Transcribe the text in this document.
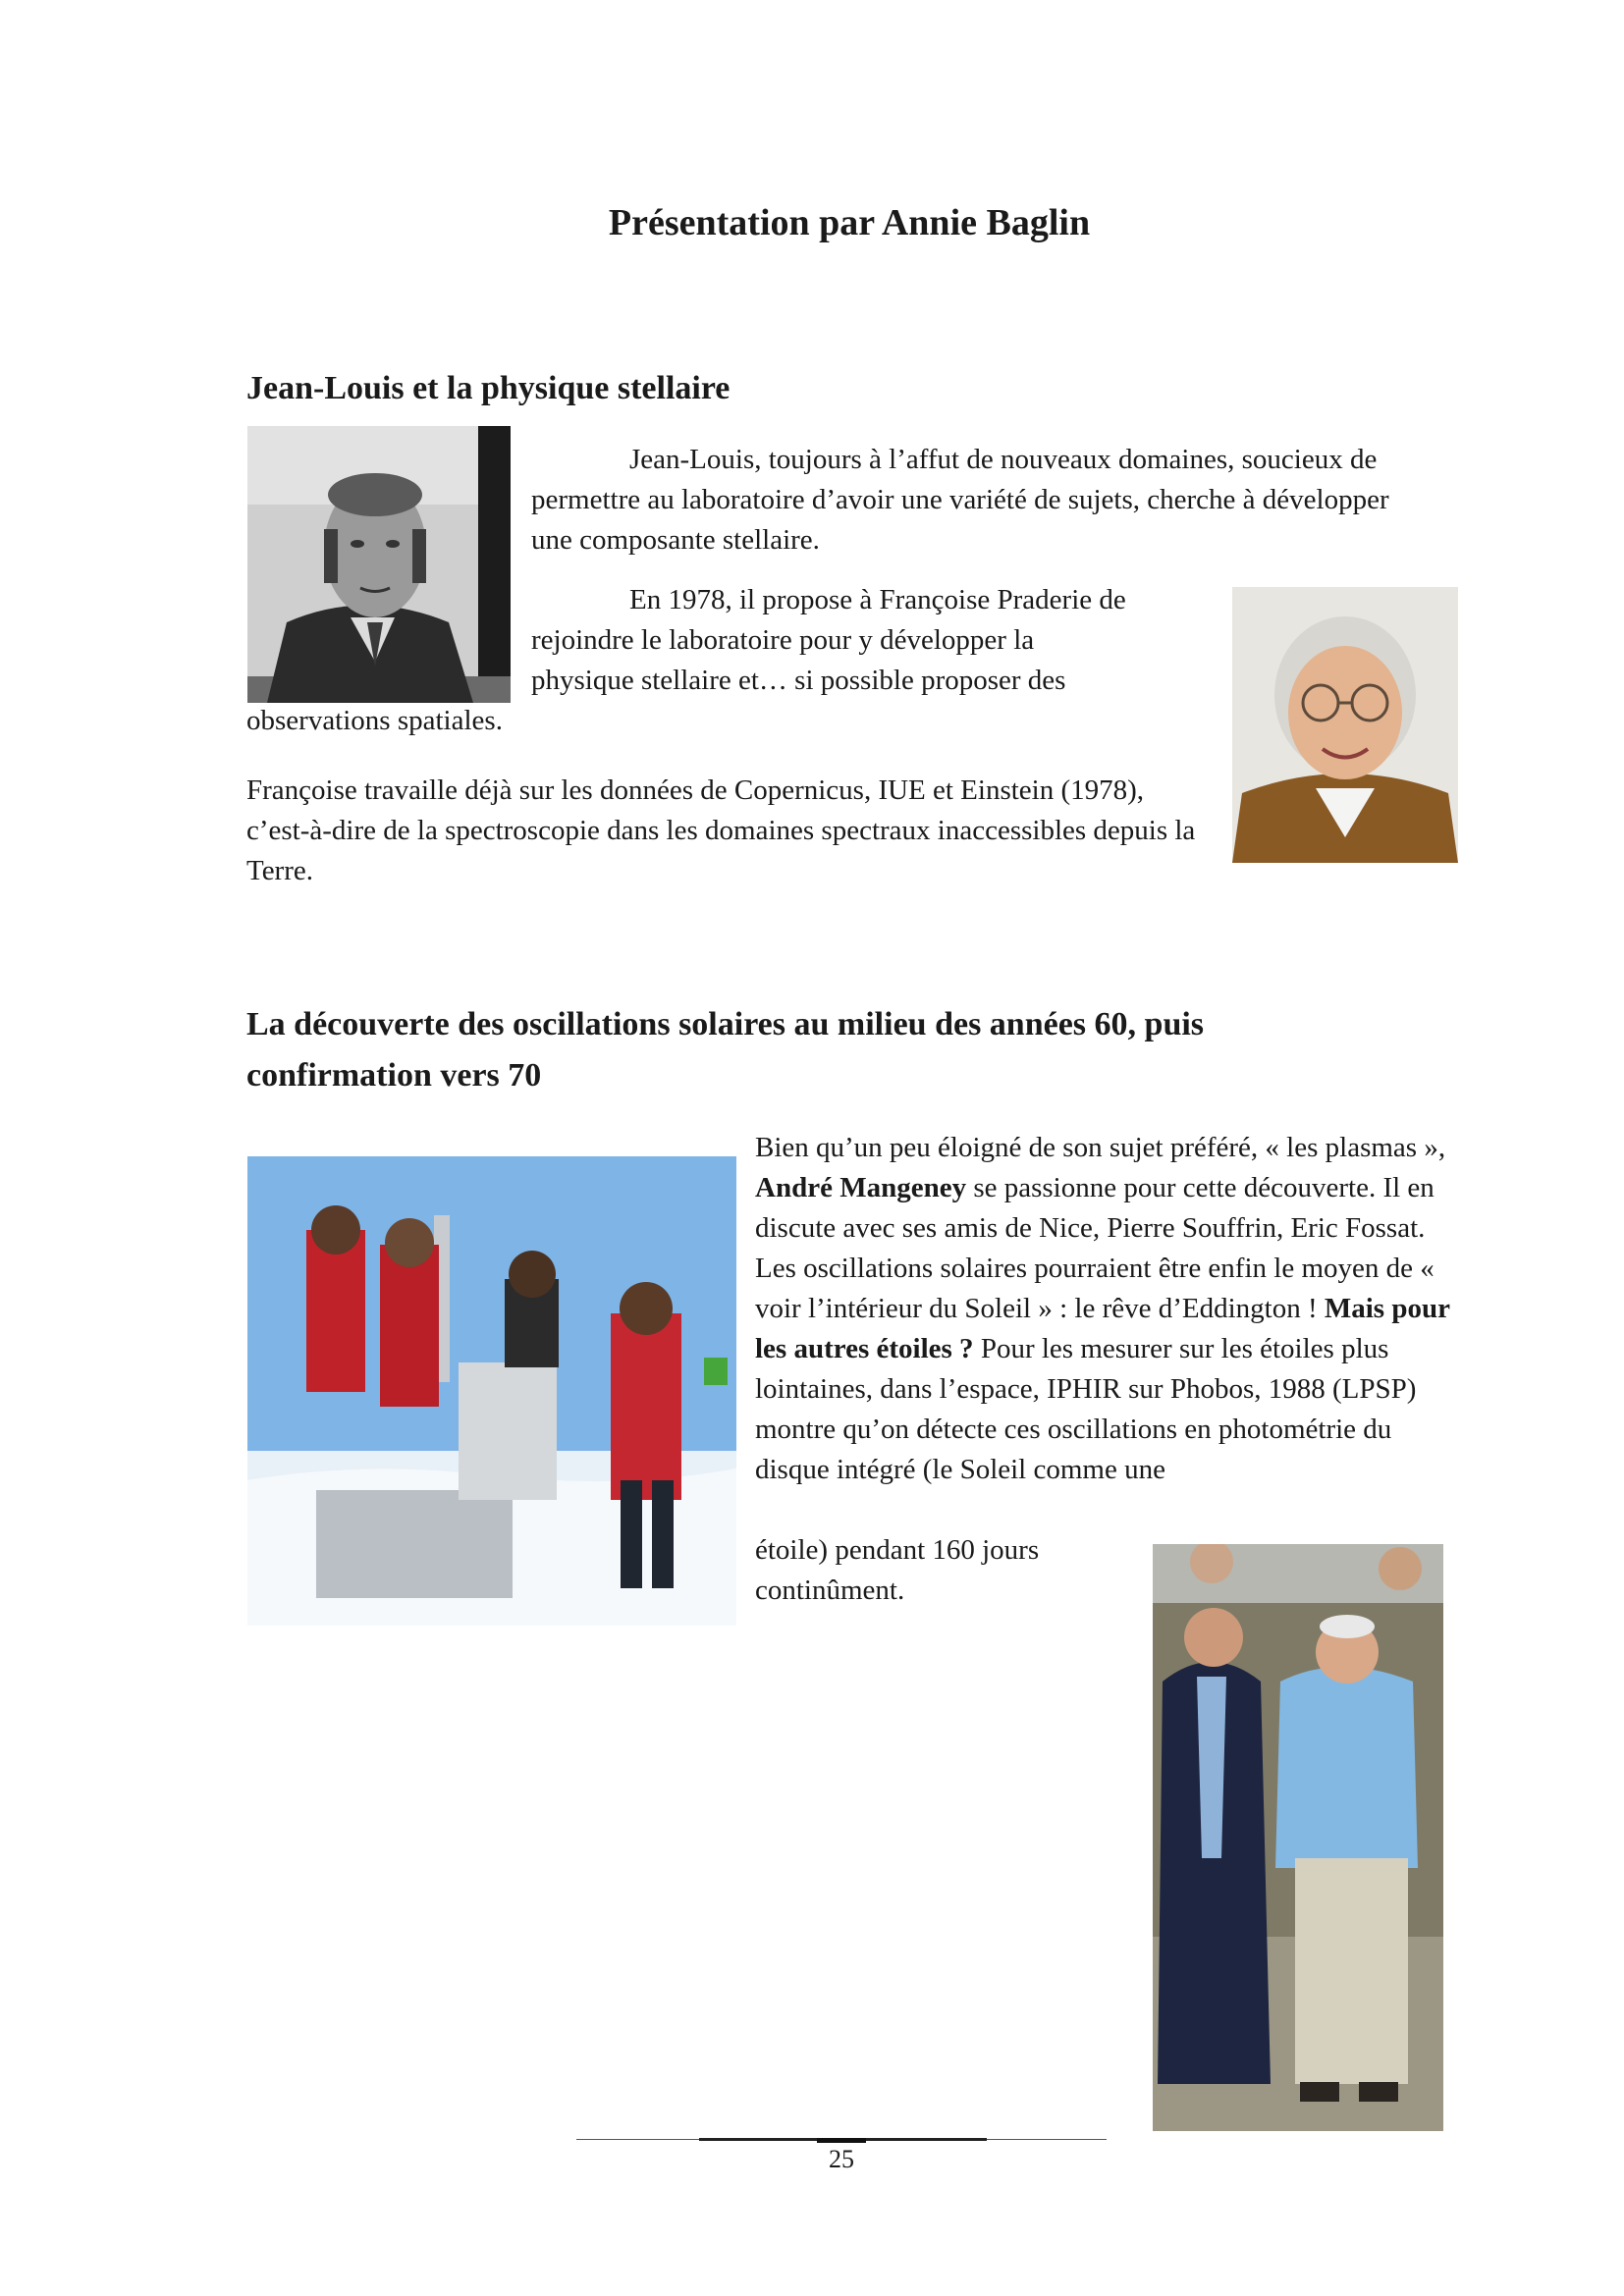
Présentation par Annie Baglin
Jean-Louis et la physique stellaire

Jean-Louis, toujours à l’affut de nouveaux domaines, soucieux de permettre au laboratoire d’avoir une variété de sujets, cherche à développer une composante stellaire.

En 1978, il propose à Françoise Praderie de

rejoindre le laboratoire pour y développer la

physique stellaire et… si possible proposer des

observations spatiales.

Françoise travaille déjà sur les données de Copernicus, IUE et Einstein (1978), c’est-à-dire de la spectroscopie dans les domaines spectraux inaccessibles depuis la Terre.

La découverte des oscillations solaires au milieu des années 60, puis
confirmation vers 70

Bien qu’un peu éloigné de son sujet préféré, « les plasmas », André Mangeney se passionne pour cette découverte. Il en discute avec ses amis de Nice, Pierre Souffrin, Eric Fossat. Les oscillations solaires pourraient être enfin le moyen de « voir l’intérieur du Soleil » : le rêve d’Eddington ! Mais pour les autres étoiles ? Pour les mesurer sur les étoiles plus lointaines, dans l’espace, IPHIR sur Phobos, 1988 (LPSP) montre qu’on détecte ces oscillations en photométrie du disque intégré (le Soleil comme une

étoile) pendant 160 jours

continûment.

25
